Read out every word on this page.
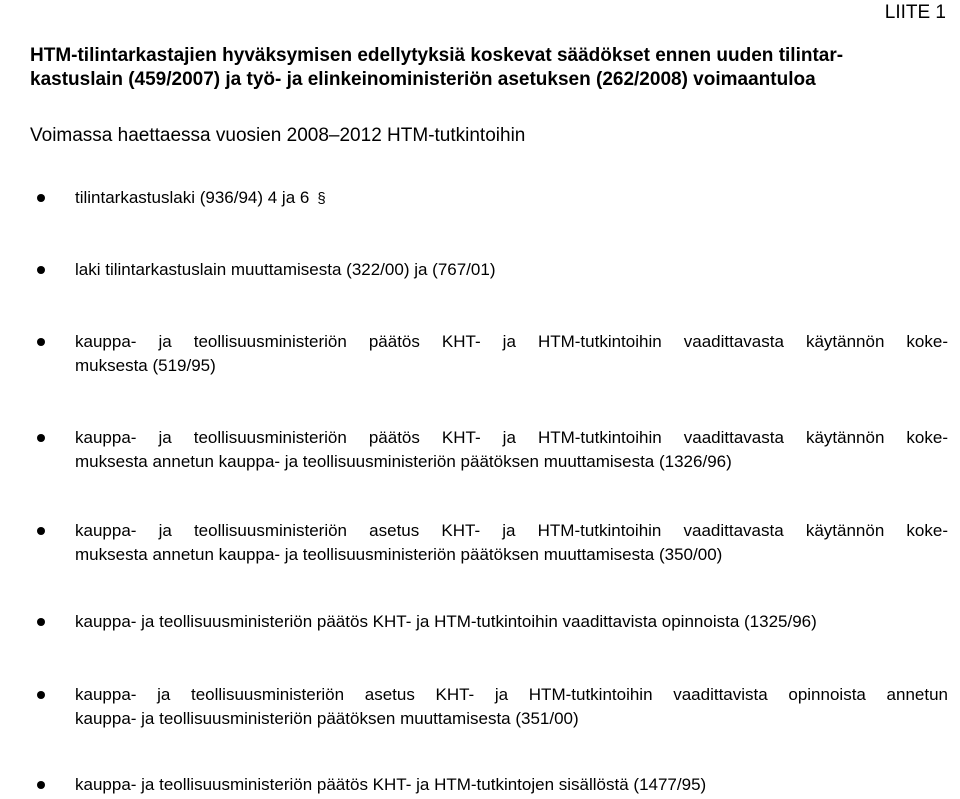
LIITE 1
HTM-tilintarkastajien hyväksymisen edellytyksiä koskevat säädökset ennen uuden tilintar-
kastuslain (459/2007) ja työ- ja elinkeinoministeriön asetuksen (262/2008) voimaantuloa
Voimassa haettaessa vuosien 2008–2012 HTM-tutkintoihin
tilintarkastuslaki (936/94) 4 ja 6 §
laki tilintarkastuslain muuttamisesta (322/00) ja (767/01)
kauppa- ja teollisuusministeriön päätös KHT- ja HTM-tutkintoihin vaadittavasta käytännön koke-
muksesta (519/95)
kauppa- ja teollisuusministeriön päätös KHT- ja HTM-tutkintoihin vaadittavasta käytännön koke-
muksesta annetun kauppa- ja teollisuusministeriön päätöksen muuttamisesta (1326/96)
kauppa- ja teollisuusministeriön asetus KHT- ja HTM-tutkintoihin vaadittavasta käytännön koke-
muksesta annetun kauppa- ja teollisuusministeriön päätöksen muuttamisesta (350/00)
kauppa- ja teollisuusministeriön päätös KHT- ja HTM-tutkintoihin vaadittavista opinnoista (1325/96)
kauppa- ja teollisuusministeriön asetus KHT- ja HTM-tutkintoihin vaadittavista opinnoista annetun
kauppa- ja teollisuusministeriön päätöksen muuttamisesta (351/00)
kauppa- ja teollisuusministeriön päätös KHT- ja HTM-tutkintojen sisällöstä (1477/95)
